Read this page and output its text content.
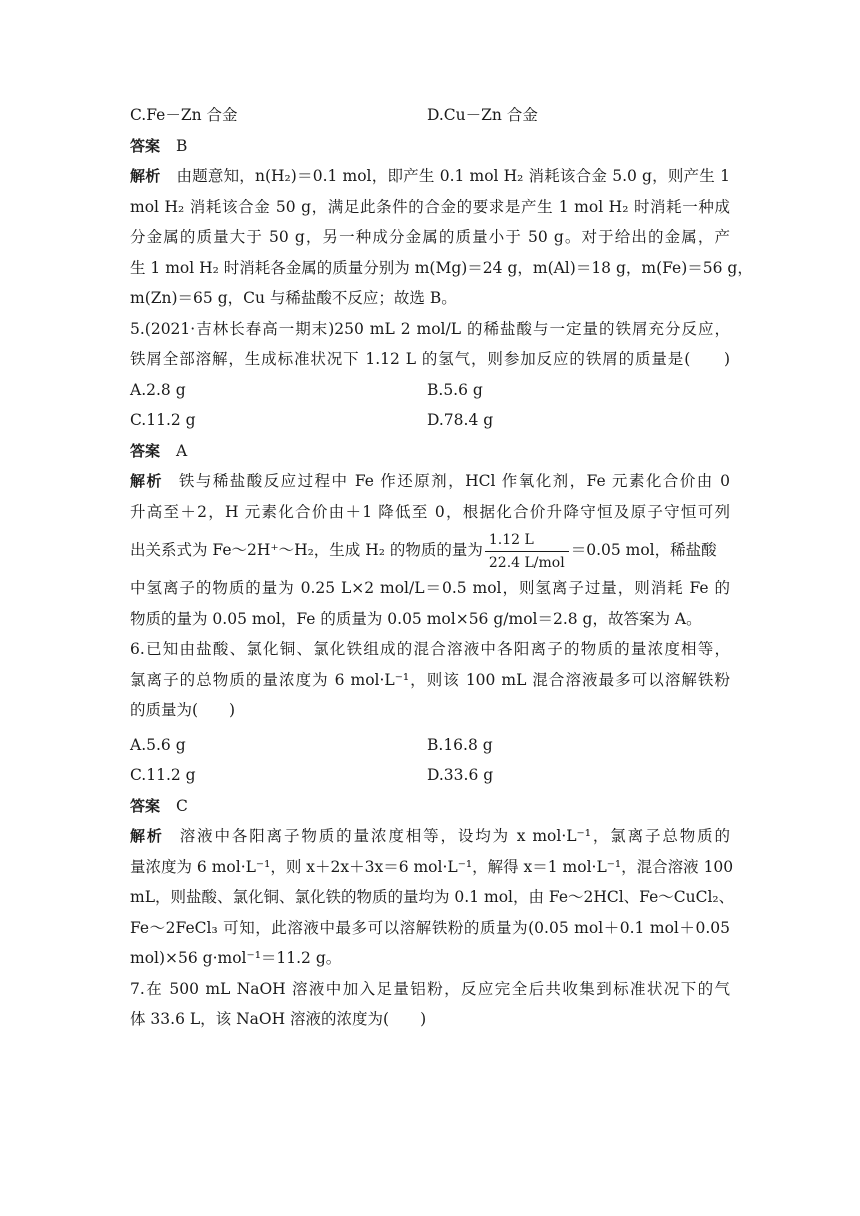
C.Fe－Zn 合金	D.Cu－Zn 合金
答案 B
解析 由题意知，n(H₂)＝0.1 mol，即产生 0.1 mol H₂ 消耗该合金 5.0 g，则产生 1
mol H₂ 消耗该合金 50 g，满足此条件的合金的要求是产生 1 mol H₂ 时消耗一种成
分金属的质量大于 50 g，另一种成分金属的质量小于 50 g。对于给出的金属，产
生 1 mol H₂ 时消耗各金属的质量分别为 m(Mg)＝24 g，m(Al)＝18 g，m(Fe)＝56 g，
m(Zn)＝65 g，Cu 与稀盐酸不反应；故选 B。
5.(2021·吉林长春高一期末)250 mL 2 mol/L 的稀盐酸与一定量的铁屑充分反应，
铁屑全部溶解，生成标准状况下 1.12 L 的氢气，则参加反应的铁屑的质量是(　　)
A.2.8 g	B.5.6 g
C.11.2 g	D.78.4 g
答案 A
解析 铁与稀盐酸反应过程中 Fe 作还原剂，HCl 作氧化剂，Fe 元素化合价由 0
升高至＋2，H 元素化合价由＋1 降低至 0，根据化合价升降守恒及原子守恒可列
出关系式为 Fe～2H⁺～H₂，生成 H₂ 的物质的量为 $\frac{1.12 L}{\text{22.4 L/mol}} =0.05$ mol，稀盐酸
中氢离子的物质的量为 0.25 L×2 mol/L＝0.5 mol，则氢离子过量，则消耗 Fe 的
物质的量为 0.05 mol，Fe 的质量为 0.05 mol×56 g/mol＝2.8 g，故答案为 A。
6.已知由盐酸、氯化铜、氯化铁组成的混合溶液中各阳离子的物质的量浓度相等，
氯离子的总物质的量浓度为 6 mol·L⁻¹，则该 100 mL 混合溶液最多可以溶解铁粉
的质量为(　　)
A.5.6 g	B.16.8 g
C.11.2 g	D.33.6 g
答案 C
解析 溶液中各阳离子物质的量浓度相等，设均为 x mol·L⁻¹，氯离子总物质的
量浓度为 6 mol·L⁻¹，则 x＋2x＋3x＝6 mol·L⁻¹，解得 x＝1 mol·L⁻¹，混合溶液 100
mL，则盐酸、氯化铜、氯化铁的物质的量均为 0.1 mol，由 Fe～2HCl、Fe～CuCl₂、
Fe～2FeCl₃ 可知，此溶液中最多可以溶解铁粉的质量为(0.05 mol＋0.1 mol＋0.05
mol)×56 g·mol⁻¹＝11.2 g。
7.在 500 mL NaOH 溶液中加入足量铝粉，反应完全后共收集到标准状况下的气
体 33.6 L，该 NaOH 溶液的浓度为(　　)
